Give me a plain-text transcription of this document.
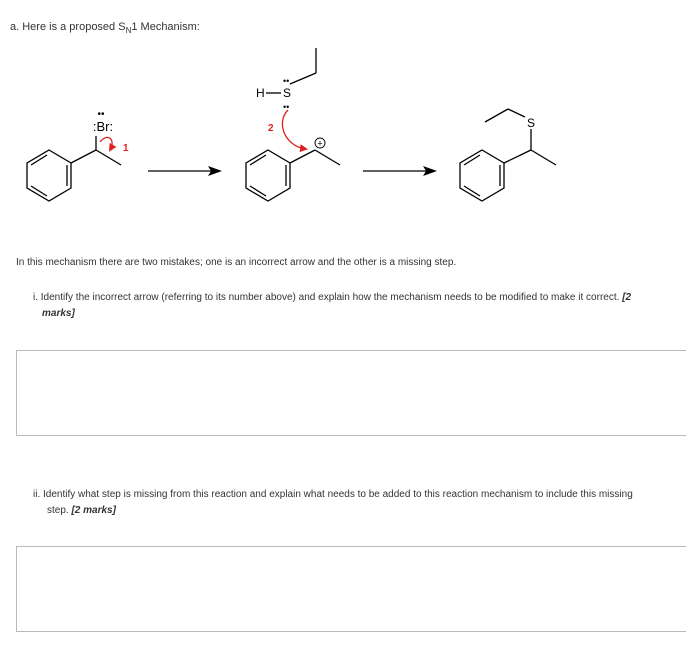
a. Here is a proposed $S_N1$ Mechanism:
:Br:
••
1
H S
••
••
+
2	S
In this mechanism there are two mistakes; one is an incorrect arrow and the other is a missing step.
i. Identify the incorrect arrow (referring to its number above) and explain how the mechanism needs to be modified to make it correct. [2
marks]
ii. Identify what step is missing from this reaction and explain what needs to be added to this reaction mechanism to include this missing
step. [2 marks]
